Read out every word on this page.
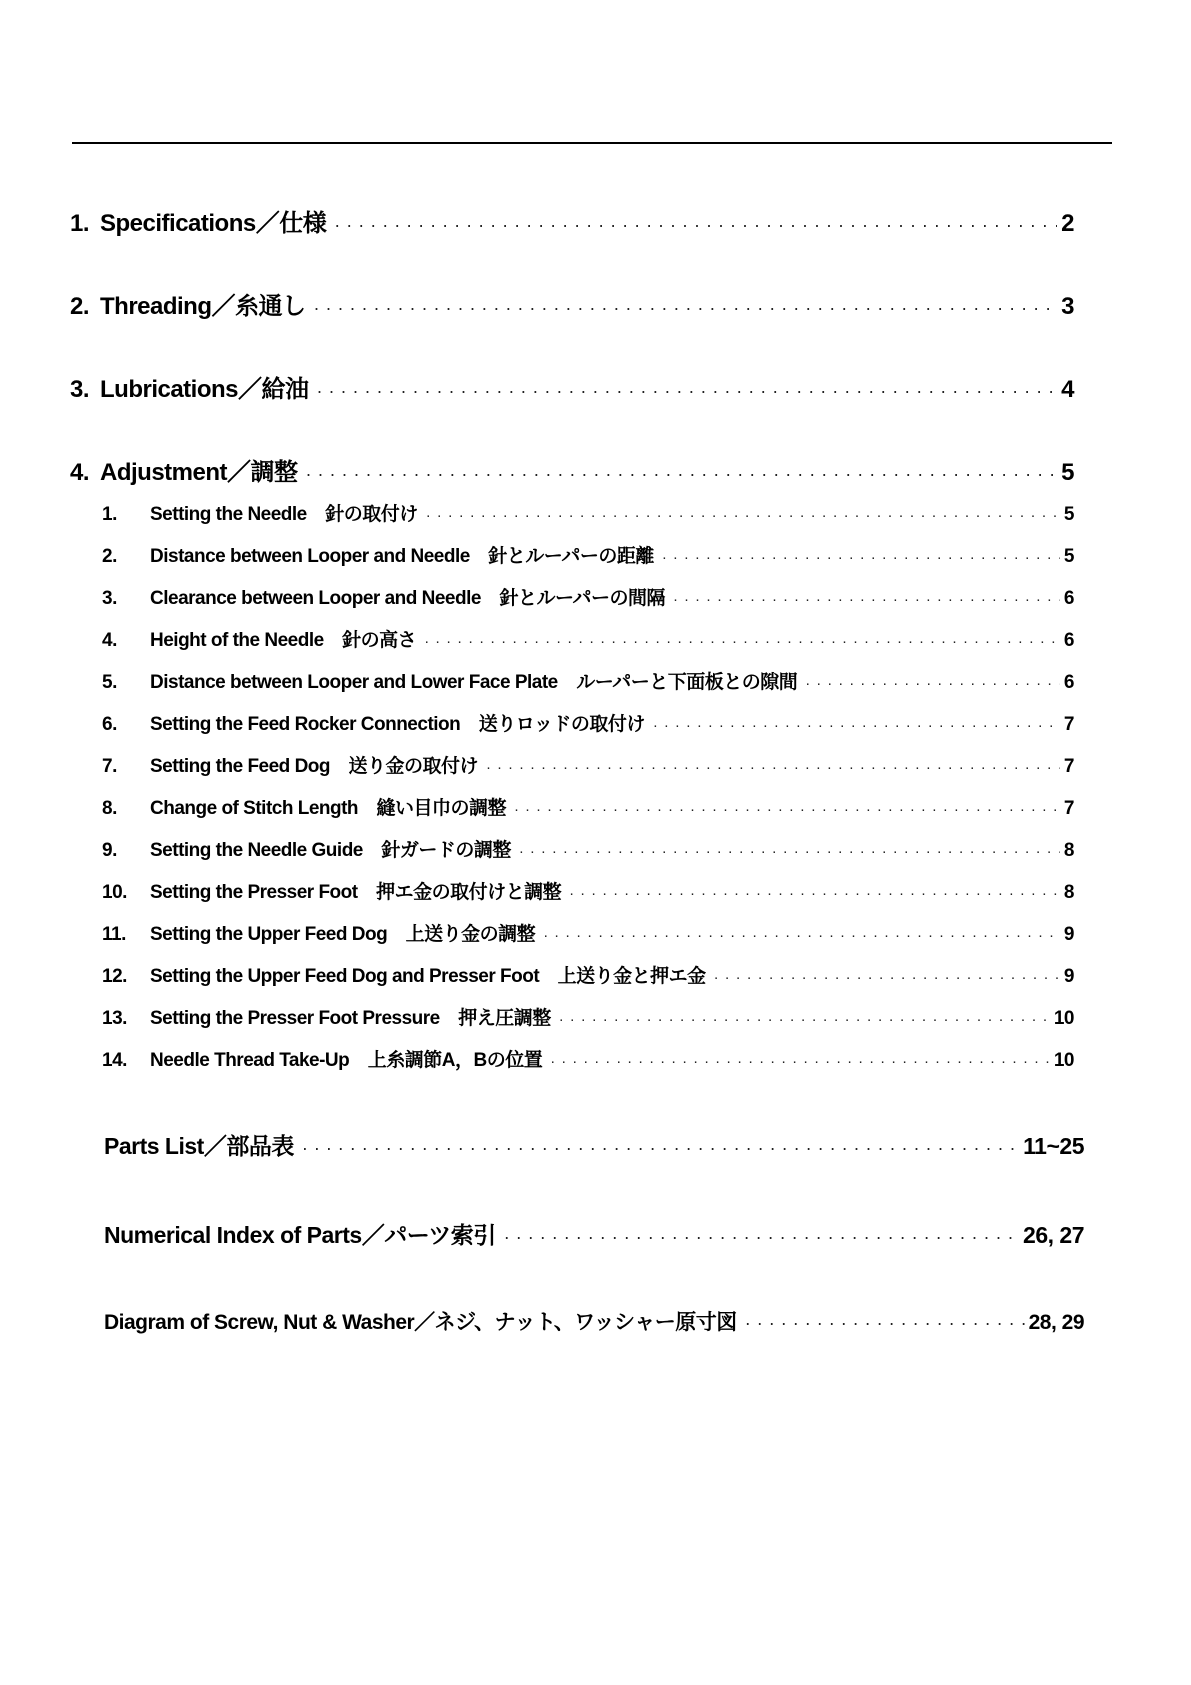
1. Specifications／仕様 ·····	2
2. Threading／糸通し ·····	3
3. Lubrications／給油 ·····	4
4. Adjustment／調整 ·····	5
1.	Setting the Needle　針の取付け ·····	5
2.	Distance between Looper and Needle　針とルーパーの距離 ·····	5
3.	Clearance between Looper and Needle　針とルーパーの間隔 ·····	6
4.	Height of the Needle　針の高さ ·····	6
5.	Distance between Looper and Lower Face Plate　ルーパーと下面板との隙間 ·····	6
6.	Setting the Feed Rocker Connection　送りロッドの取付け ·····	7
7.	Setting the Feed Dog　送り金の取付け ·····	7
8.	Change of Stitch Length　縫い目巾の調整 ·····	7
9.	Setting the Needle Guide　針ガードの調整 ·····	8
10.	Setting the Presser Foot　押エ金の取付けと調整 ·····	8
11.	Setting the Upper Feed Dog　上送り金の調整 ·····	9
12.	Setting the Upper Feed Dog and Presser Foot　上送り金と押エ金 ·····	9
13.	Setting the Presser Foot Pressure　押え圧調整 ·····	10
14.	Needle Thread Take-Up　上糸調節A，Bの位置 ·····	10
Parts List／部品表 ·····	11~25
Numerical Index of Parts／パーツ索引 ·····	26, 27
Diagram of Screw, Nut & Washer／ネジ、ナット、ワッシャー原寸図 ·····	28, 29
